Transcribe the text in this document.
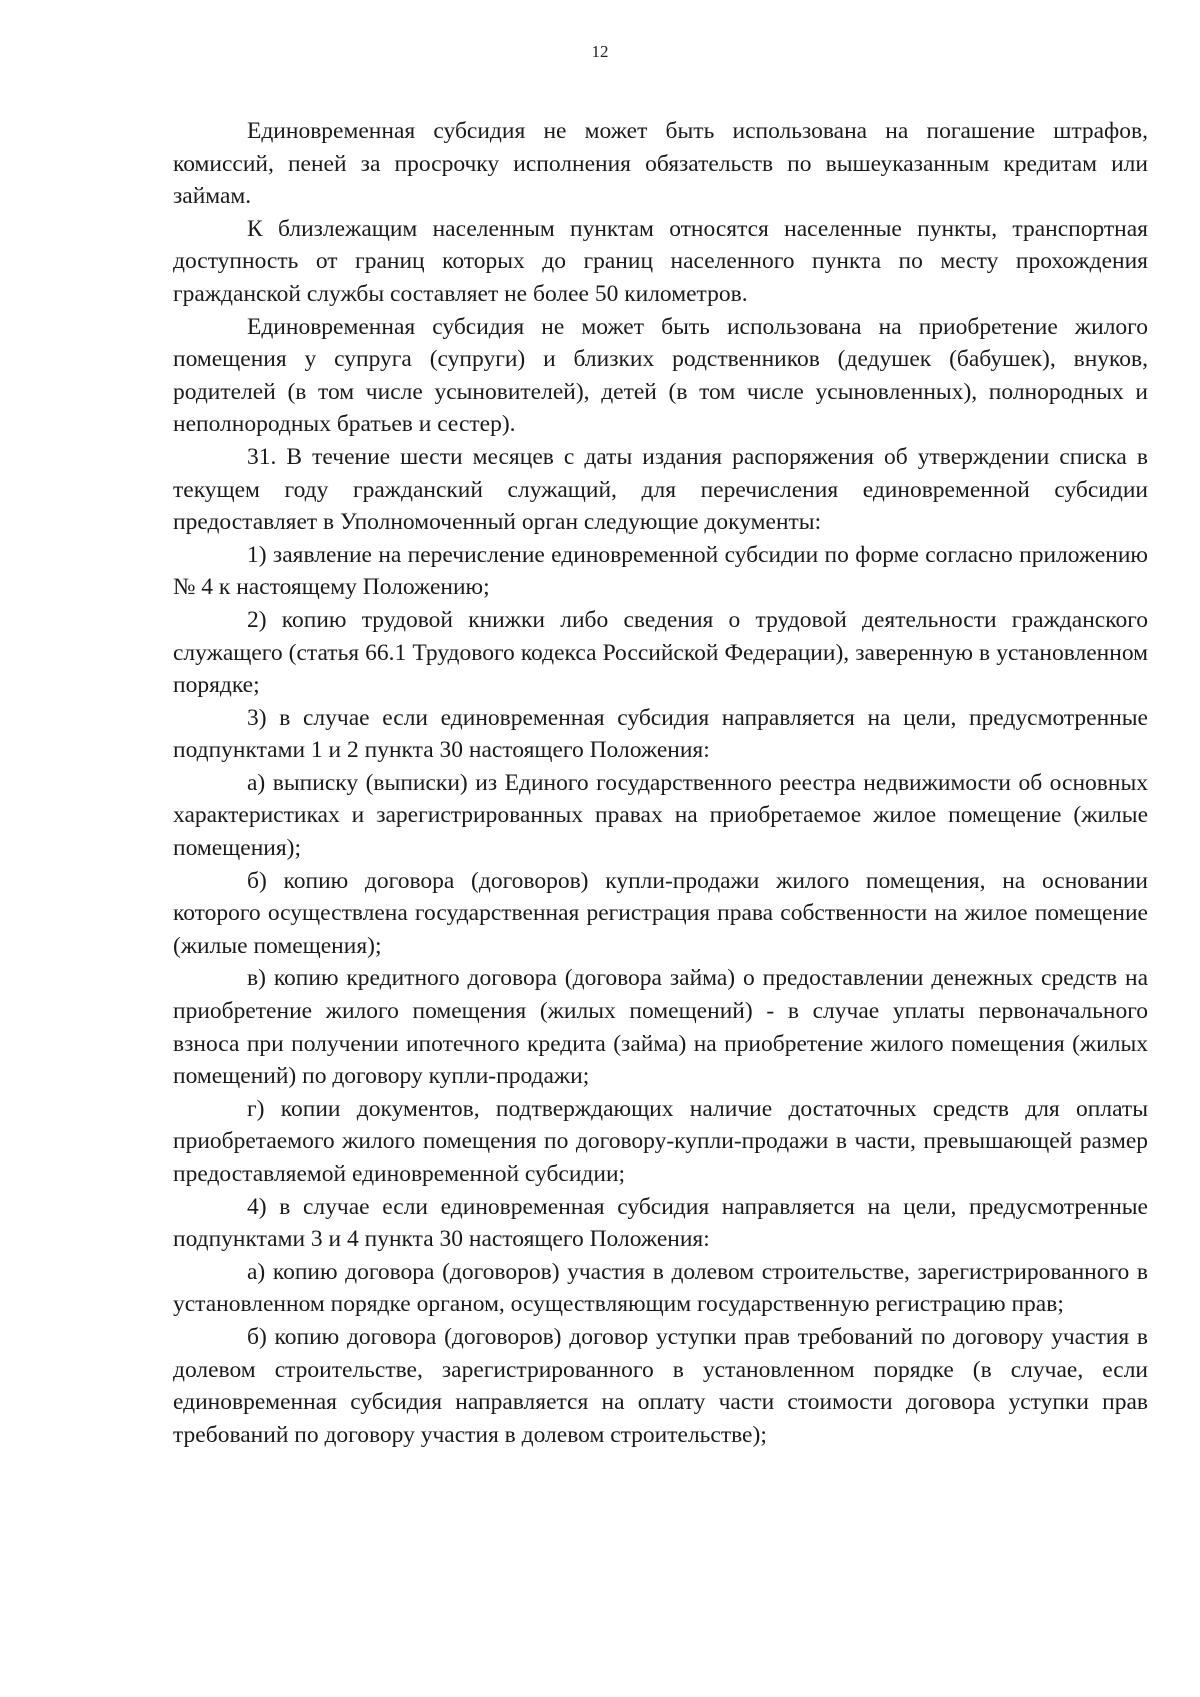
12

Единовременная субсидия не может быть использована на погашение штрафов, комиссий, пеней за просрочку исполнения обязательств по вышеуказанным кредитам или займам.

К близлежащим населенным пунктам относятся населенные пункты, транспортная доступность от границ которых до границ населенного пункта по месту прохождения гражданской службы составляет не более 50 километров.

Единовременная субсидия не может быть использована на приобретение жилого помещения у супруга (супруги) и близких родственников (дедушек (бабушек), внуков, родителей (в том числе усыновителей), детей (в том числе усыновленных), полнородных и неполнородных братьев и сестер).

31. В течение шести месяцев с даты издания распоряжения об утверждении списка в текущем году гражданский служащий, для перечисления единовременной субсидии предоставляет в Уполномоченный орган следующие документы:

1) заявление на перечисление единовременной субсидии по форме согласно приложению № 4 к настоящему Положению;

2) копию трудовой книжки либо сведения о трудовой деятельности гражданского служащего (статья 66.1 Трудового кодекса Российской Федерации), заверенную в установленном порядке;

3) в случае если единовременная субсидия направляется на цели, предусмотренные подпунктами 1 и 2 пункта 30 настоящего Положения:

а) выписку (выписки) из Единого государственного реестра недвижимости об основных характеристиках и зарегистрированных правах на приобретаемое жилое помещение (жилые помещения);

б) копию договора (договоров) купли-продажи жилого помещения, на основании которого осуществлена государственная регистрация права собственности на жилое помещение (жилые помещения);

в) копию кредитного договора (договора займа) о предоставлении денежных средств на приобретение жилого помещения (жилых помещений) - в случае уплаты первоначального взноса при получении ипотечного кредита (займа) на приобретение жилого помещения (жилых помещений) по договору купли-продажи;

г) копии документов, подтверждающих наличие достаточных средств для оплаты приобретаемого жилого помещения по договору-купли-продажи в части, превышающей размер предоставляемой единовременной субсидии;

4) в случае если единовременная субсидия направляется на цели, предусмотренные подпунктами 3 и 4 пункта 30 настоящего Положения:

а) копию договора (договоров) участия в долевом строительстве, зарегистрированного в установленном порядке органом, осуществляющим государственную регистрацию прав;

б) копию договора (договоров) договор уступки прав требований по договору участия в долевом строительстве, зарегистрированного в установленном порядке (в случае, если единовременная субсидия направляется на оплату части стоимости договора уступки прав требований по договору участия в долевом строительстве);
